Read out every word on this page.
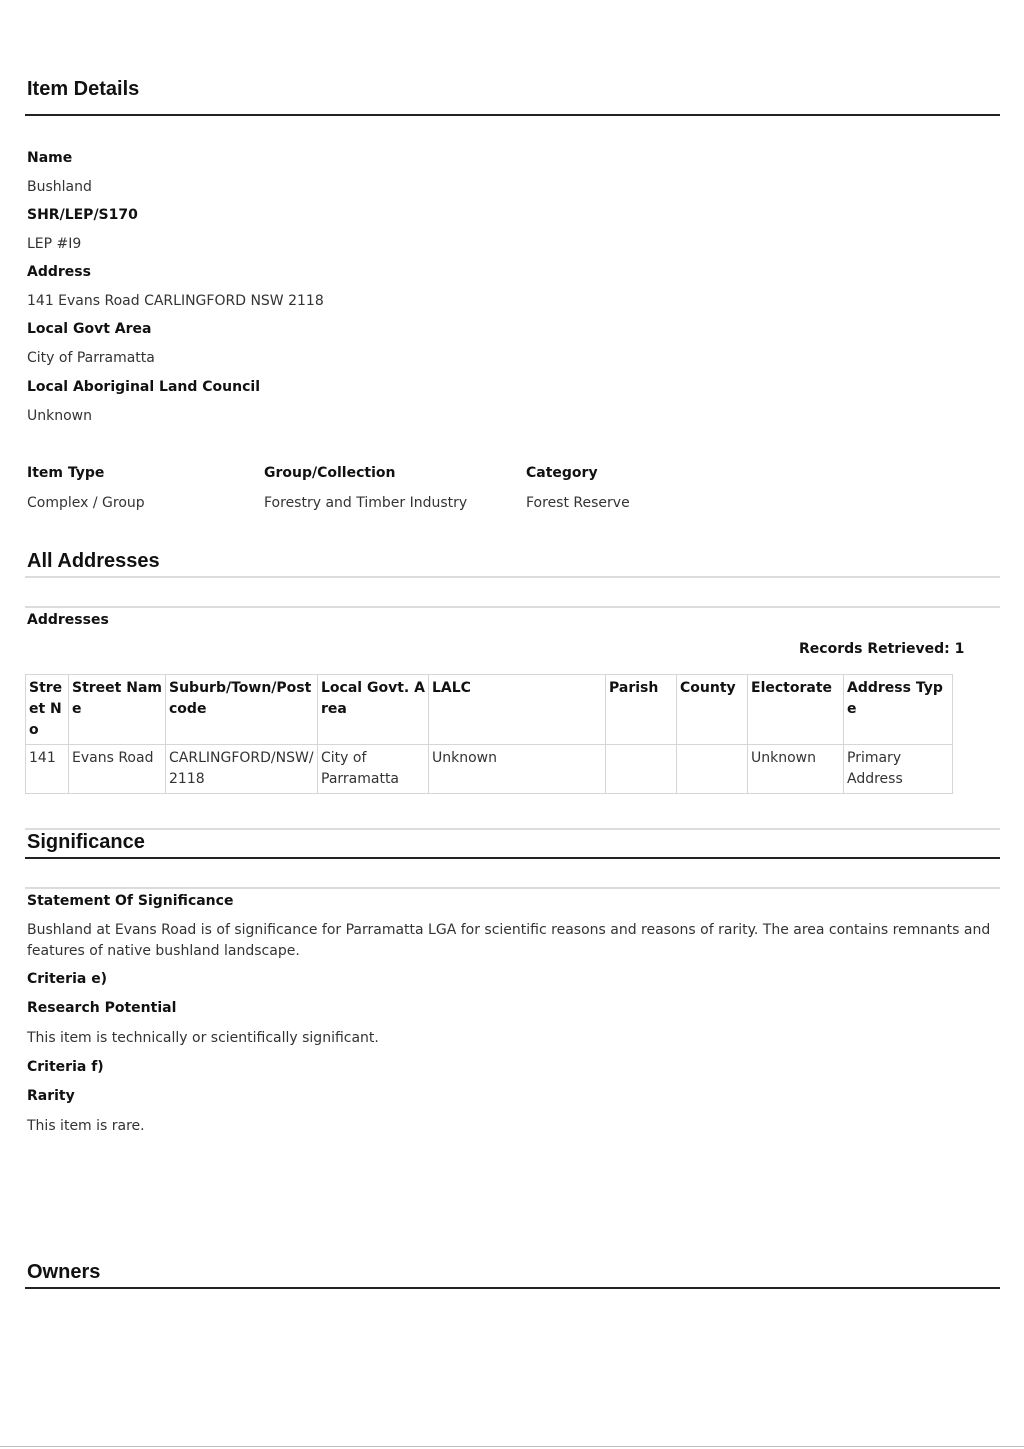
Item Details
Name
Bushland
SHR/LEP/S170
LEP #I9
Address
141 Evans Road CARLINGFORD NSW 2118
Local Govt Area
City of Parramatta
Local Aboriginal Land Council
Unknown
Item Type
Complex / Group
Group/Collection
Forestry and Timber Industry
Category
Forest Reserve
All Addresses
Addresses
Records Retrieved: 1
Street No	Street Name	Suburb/Town/Postcode	Local Govt. Area	LALC	Parish	County	Electorate	Address Type
141	Evans Road	CARLINGFORD/NSW/2118	City of Parramatta	Unknown			Unknown	Primary Address
Significance
Statement Of Significance
Bushland at Evans Road is of significance for Parramatta LGA for scientific reasons and reasons of rarity. The area contains remnants and features of native bushland landscape.
Criteria e)
Research Potential
This item is technically or scientifically significant.
Criteria f)
Rarity
This item is rare.
Owners
